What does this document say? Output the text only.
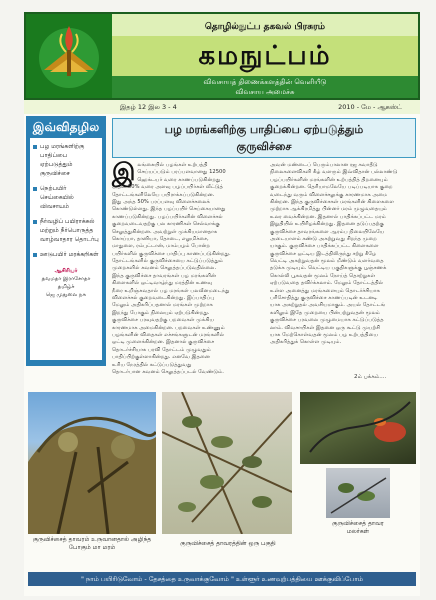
தொழில்நுட்ப தகவல் பிரசுரம்
கமநுட்பம்
விவசாயத் திணைக்களத்தின் வெளியீடு
விவசாய அமைச்சு
இதழ் 12 இல 3 - 4	2010 - மே - ஆகஸ்ட்
இவ்விதழில
பழ மரங்களிற்கு பாதிப்பை ஏற்படுத்தும் குருவிச்சை
நெற்பயிர் செய்கையில் விவசாயம்
நீர்வழிப் பயிராக்கல் மற்றும் நீர்பொருத்த வாழ்வாதார தொடர்பு
ஊடுபயிர் மரக்கறிகள்
ஆசிரியர்
தவமதா இராசோதா
தமிழ்ச்
ஜெ முதுலை நசு
பழ மரங்களிற்கு பாதிப்பை ஏற்படுத்தும்
குருவிச்சை
இ லங்கையில் பழங்கள் உற்பத்தி
செய்யப்படும் பரப்பளவானது 12500
ஹெக்டயர் வரை காணப்படுகின்றது.
அதில் 50% வரை அளவு பழப்பயிர்கள் வீட்டுத்
தோட்டங்களிலேயே பயிராக்கப்படுகின்றன.
இது அந்த 50% பரப்பளவு விளைச்சலைக்
கொண்டுள்ளது. இந்த பழப்பயிர் செய்கையானது
காணப்படுகின்றது. பழப்பயிர்களின் விளைச்சல்
குறைவடைவதற்கு பல காரணிகள் செல்வாக்கு
செலுத்துகின்றன. அவற்றுள் முக்கியமானதாக
கொய்யா, தானியா, தோடை, எலுமிச்சை,
மாதுளை, ரம்புட்டான், மாம்பழம் போன்ற
பயிர்களில் குருவிச்சை பாதிப்பு காணப்படுகின்றது.
தோட்டங்களில் குருவிச்சையை கட்டுப்படுத்தும்
முறைகளில் கவனம் செலுத்தப்படுவதில்லை.
இந்த குருவிச்சை தாவரங்கள் பழ மரங்களின்
கிளைகளில் ஒட்டிவாழ்ந்து மரத்தின் உணவு
நீரை உறிஞ்சுவதால் பழ மரங்கள் பலவீனமடைந்து
விளைச்சல் குறைவடைகின்றது. இப்பாதிப்பு
மேலும் அதிகரிப்பதனால் மரங்கள் முற்றாக
இறந்து போகும் நிலையும் ஏற்படுகின்றது.
குருவிச்சை பரவுவதற்கு பறவைகள் முக்கிய
காரணமாக அமைகின்றன. பறவைகள் உண்ணும்
பழங்களின் விதைகள் எச்சங்களுடன் மரங்களில்
ஒட்டி முளைக்கின்றன. இதனால் குருவிச்சை
தொடர்ச்சியாக பரவி தோட்டம் முழுவதும்
பாதிப்பிற்குள்ளாகின்றது. எனவே இதனை
உரிய நேரத்தில் கட்டுப்படுத்துவது
தொடர்பான கவனம் செலுத்தப்படல் வேண்டும்.
அவன் மண்டைப் பெரும்பாலான ரஜ சுவாதீடு
நிலைகளைவிகளி கீழ் வளரும் இவ்விதான் பல்லாண்டு
பழப்பயிர்களின் மரங்களின் உற்பத்தித் திறனையும்
குறைக்கின்றன. தெரியாமலேயே படிப்படியாக குறை
வடைந்து வரும் விளைச்சலுக்கு காரணமாக அமை
கின்றன. இந்த குருவிச்சைகள் மரங்களின் கிளைகளை
முற்றாக ஆக்கிரமித்து பின்னர் மரம் முழுவதையும்
உலர வைக்கின்றன. இதனால் பாதிக்கப்பட்ட மரம்
இறுதியில் உயிரிழக்கின்றது. இதனை தடுப்பதற்கு
குருவிச்சை தாவரங்களை ஆரம்ப நிலையிலேயே
அடையாளம் கண்டு அகற்றுவது சிறந்த முறை
யாகும். குருவிச்சை பாதிக்கப்பட்ட கிளைகளை
குருவிச்சை ஒட்டிய இடத்திலிருந்து சற்று கீழே
வெட்டி அகற்றுவதன் மூலம் மீண்டும் வளர்வதை
தடுக்க முடியும். வெட்டிய பகுதிகளுக்கு பூஞ்சணக்
கொல்லி பூசுவதன் மூலம் நோய்த் தொற்றுகள்
ஏற்படுவதை தவிர்க்கலாம். மேலும் தோட்டத்தில்
உள்ள அனைத்து மரங்களையும் தொடர்ச்சியாக
பரிசோதித்து குருவிச்சை காணப்படின் உடனடி
யாக அகற்றுதல் அவசியமாகும். அயல் தோட்டங்
களிலும் இதே முறையை பின்பற்றுவதன் மூலம்
குருவிச்சை பரவலை முழுமையாக கட்டுப்படுத்த
லாம். விவசாயிகள் இதனை ஒரு கூட்டு முயற்சி
யாக மேற்கொள்வதன் மூலம் பழ உற்பத்தியை
அதிகரித்துக் கொள்ள முடியும்.
2ம் பக்கம்....
குருவிச்சைத் தாவரம் உருவானதால் அழிந்த போகும் மா மரம்
குருவிச்சைத் தாவரத்தின் ஒரு பகுதி
குருவிச்சைத் தாவர மலர்கள்
" நாம் பயிரிடுவோம் - தேசத்தை உருவாக்குவோம் " உள்ளூர் உணவுற்பத்தியை ஊக்குவிப்போம்
